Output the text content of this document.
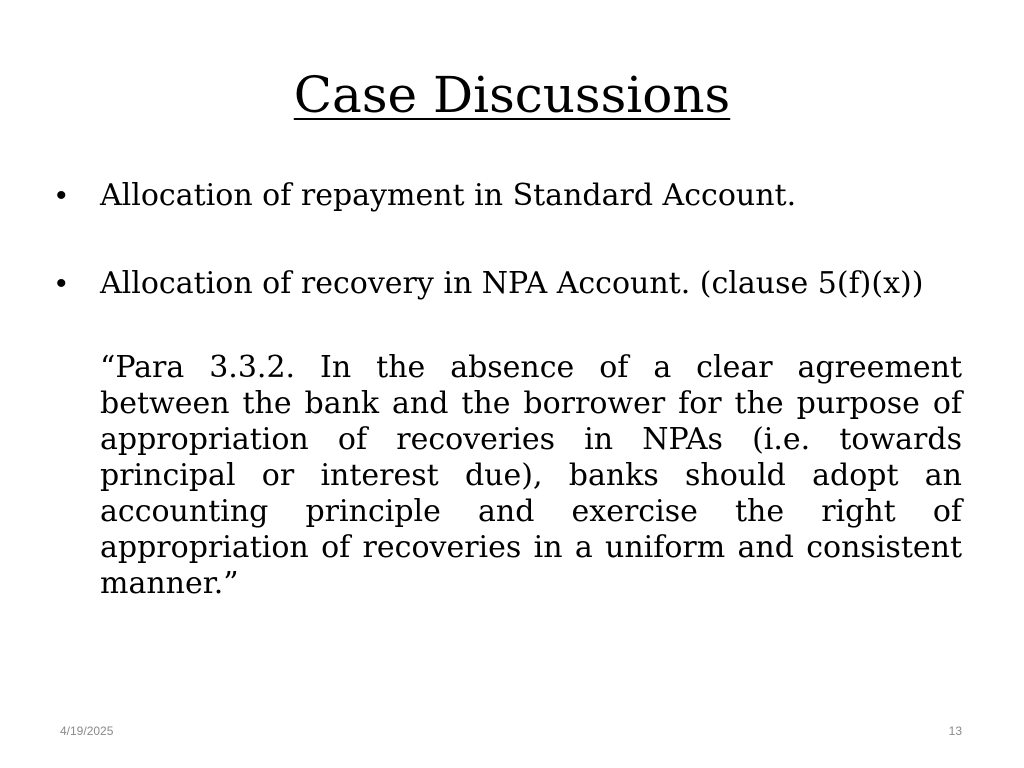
Case Discussions
•	Allocation of repayment in Standard Account.
•	Allocation of recovery in NPA Account. (clause 5(f)(x))
“Para 3.3.2. In the absence of a clear agreement between the bank and the borrower for the purpose of appropriation of recoveries in NPAs (i.e. towards principal or interest due), banks should adopt an accounting principle and exercise the right of appropriation of recoveries in a uniform and consistent manner.”
4/19/2025	13
